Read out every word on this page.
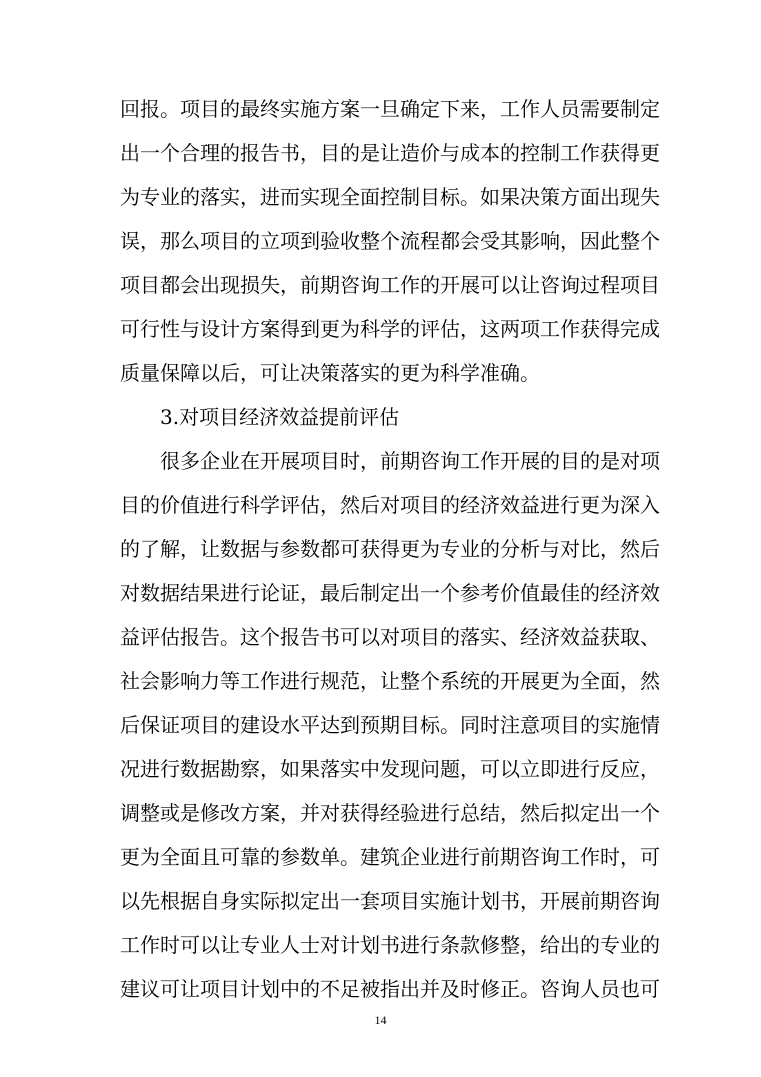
回报。项目的最终实施方案一旦确定下来，工作人员需要制定
出一个合理的报告书，目的是让造价与成本的控制工作获得更
为专业的落实，进而实现全面控制目标。如果决策方面出现失
误，那么项目的立项到验收整个流程都会受其影响，因此整个
项目都会出现损失，前期咨询工作的开展可以让咨询过程项目
可行性与设计方案得到更为科学的评估，这两项工作获得完成
质量保障以后，可让决策落实的更为科学准确。
3.对项目经济效益提前评估
很多企业在开展项目时，前期咨询工作开展的目的是对项
目的价值进行科学评估，然后对项目的经济效益进行更为深入
的了解，让数据与参数都可获得更为专业的分析与对比，然后
对数据结果进行论证，最后制定出一个参考价值最佳的经济效
益评估报告。这个报告书可以对项目的落实、经济效益获取、
社会影响力等工作进行规范，让整个系统的开展更为全面，然
后保证项目的建设水平达到预期目标。同时注意项目的实施情
况进行数据勘察，如果落实中发现问题，可以立即进行反应，
调整或是修改方案，并对获得经验进行总结，然后拟定出一个
更为全面且可靠的参数单。建筑企业进行前期咨询工作时，可
以先根据自身实际拟定出一套项目实施计划书，开展前期咨询
工作时可以让专业人士对计划书进行条款修整，给出的专业的
建议可让项目计划中的不足被指出并及时修正。咨询人员也可
14
